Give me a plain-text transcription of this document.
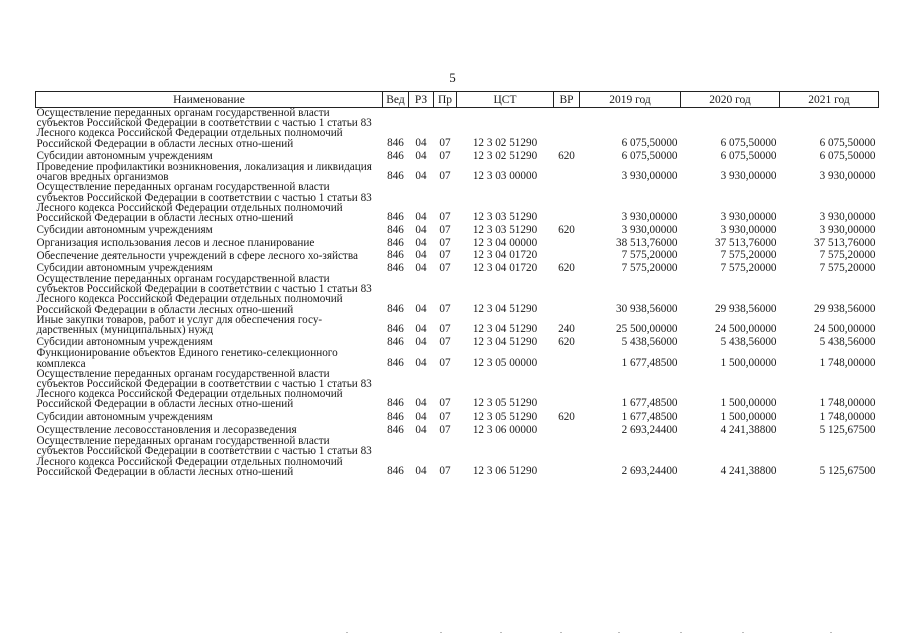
5
Наименование	Вед	РЗ	Пр	ЦСТ	ВР	2019 год	2020 год	2021 год
Осуществление переданных органам государственной власти субъектов Российской Федерации в соответствии с частью 1 статьи 83 Лесного кодекса Российской Федерации отдельных полномочий Российской Федерации в области лесных отно-шений	846	04	07	12 3 02 51290		6 075,50000	6 075,50000	6 075,50000
Субсидии автономным учреждениям	846	04	07	12 3 02 51290	620	6 075,50000	6 075,50000	6 075,50000
Проведение профилактики возникновения, локализация и ликвидация очагов вредных организмов	846	04	07	12 3 03 00000		3 930,00000	3 930,00000	3 930,00000
Осуществление переданных органам государственной власти субъектов Российской Федерации в соответствии с частью 1 статьи 83 Лесного кодекса Российской Федерации отдельных полномочий Российской Федерации в области лесных отно-шений	846	04	07	12 3 03 51290		3 930,00000	3 930,00000	3 930,00000
Субсидии автономным учреждениям	846	04	07	12 3 03 51290	620	3 930,00000	3 930,00000	3 930,00000
Организация использования лесов и лесное планирование	846	04	07	12 3 04 00000		38 513,76000	37 513,76000	37 513,76000
Обеспечение деятельности учреждений в сфере лесного хо-зяйства	846	04	07	12 3 04 01720		7 575,20000	7 575,20000	7 575,20000
Субсидии автономным учреждениям	846	04	07	12 3 04 01720	620	7 575,20000	7 575,20000	7 575,20000
Осуществление переданных органам государственной власти субъектов Российской Федерации в соответствии с частью 1 статьи 83 Лесного кодекса Российской Федерации отдельных полномочий Российской Федерации в области лесных отно-шений	846	04	07	12 3 04 51290		30 938,56000	29 938,56000	29 938,56000
Иные закупки товаров, работ и услуг для обеспечения госу-дарственных (муниципальных) нужд	846	04	07	12 3 04 51290	240	25 500,00000	24 500,00000	24 500,00000
Субсидии автономным учреждениям	846	04	07	12 3 04 51290	620	5 438,56000	5 438,56000	5 438,56000
Функционирование объектов Единого генетико-селекционного комплекса	846	04	07	12 3 05 00000		1 677,48500	1 500,00000	1 748,00000
Осуществление переданных органам государственной власти субъектов Российской Федерации в соответствии с частью 1 статьи 83 Лесного кодекса Российской Федерации отдельных полномочий Российской Федерации в области лесных отно-шений	846	04	07	12 3 05 51290		1 677,48500	1 500,00000	1 748,00000
Субсидии автономным учреждениям	846	04	07	12 3 05 51290	620	1 677,48500	1 500,00000	1 748,00000
Осуществление лесовосстановления и лесоразведения	846	04	07	12 3 06 00000		2 693,24400	4 241,38800	5 125,67500
Осуществление переданных органам государственной власти субъектов Российской Федерации в соответствии с частью 1 статьи 83 Лесного кодекса Российской Федерации отдельных полномочий Российской Федерации в области лесных отно-шений	846	04	07	12 3 06 51290		2 693,24400	4 241,38800	5 125,67500
